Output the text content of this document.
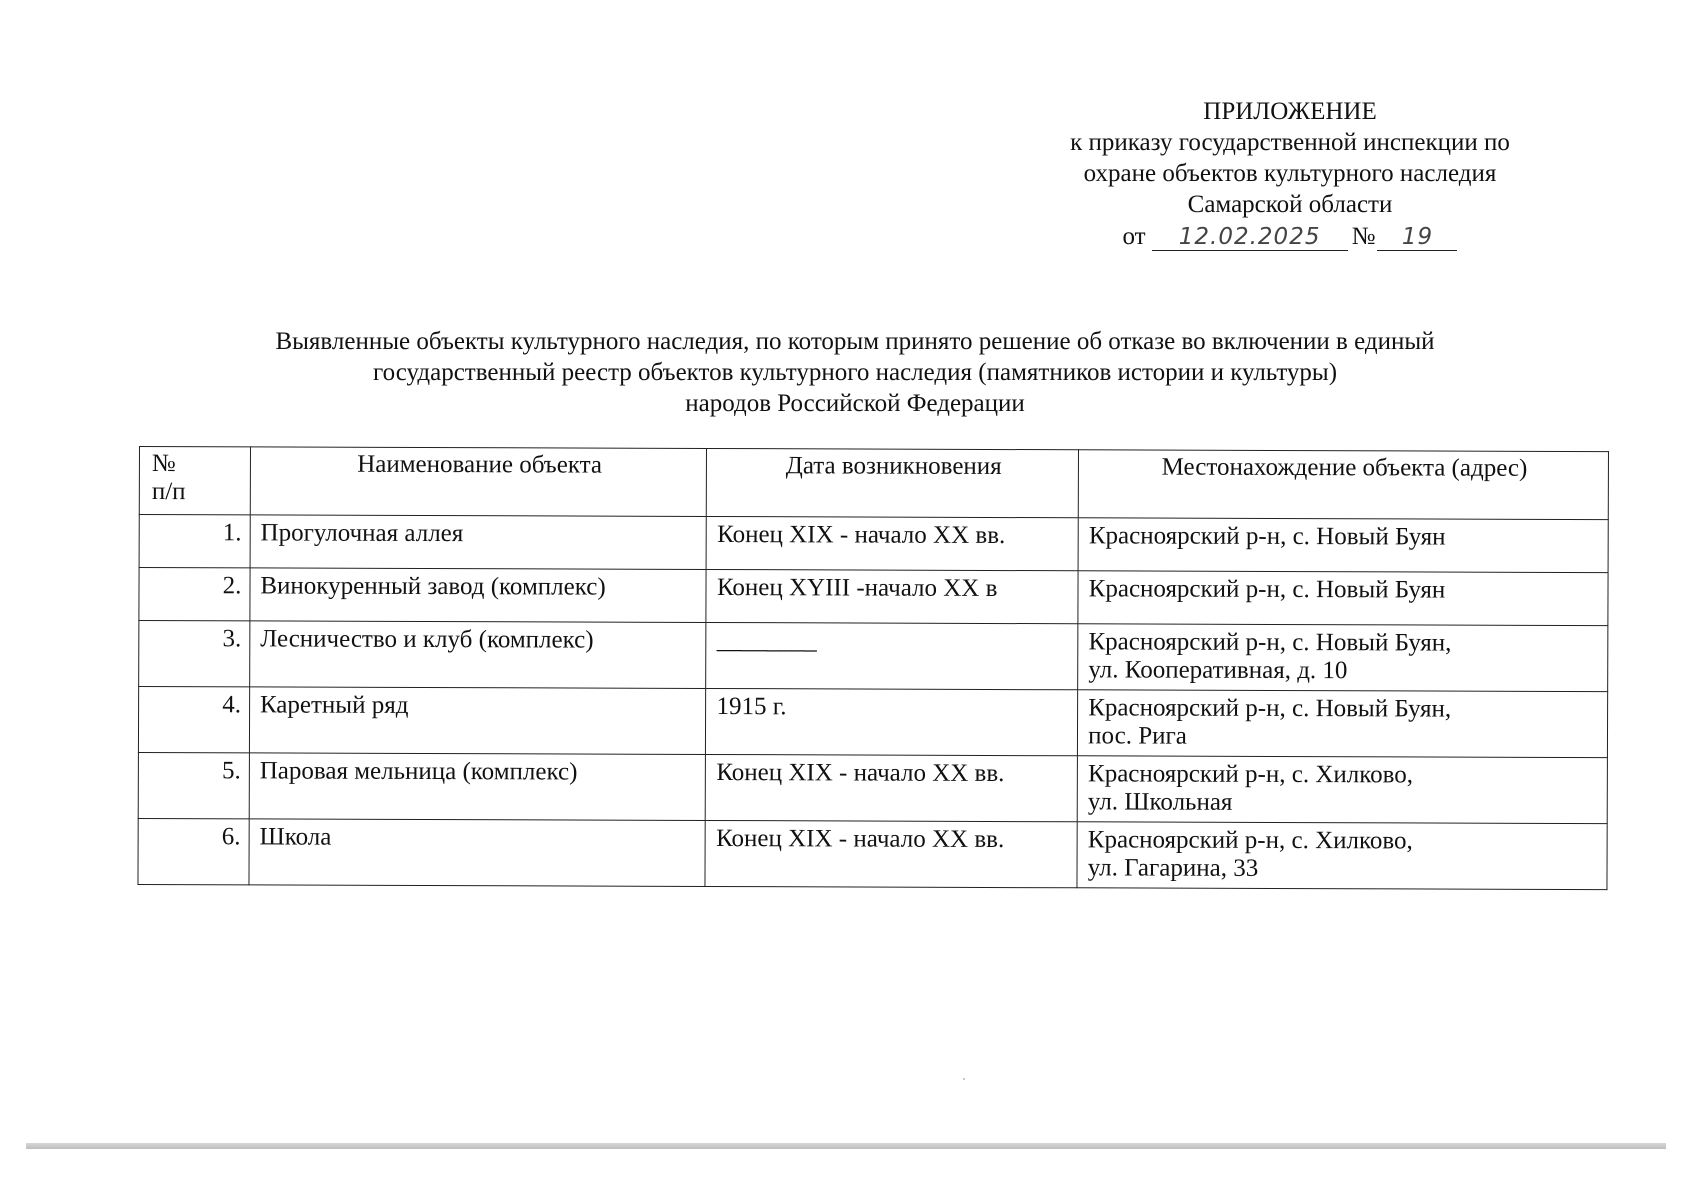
ПРИЛОЖЕНИЕ
к приказу государственной инспекции по
охране объектов культурного наследия
Самарской области
от 12.02.2025 № 19
Выявленные объекты культурного наследия, по которым принято решение об отказе во включении в единый
государственный реестр объектов культурного наследия (памятников истории и культуры)
народов Российской Федерации
№
п/п	Наименование объекта	Дата возникновения	Местонахождение объекта (адрес)
1.	Прогулочная аллея	Конец XIX - начало XX вв.	Красноярский р-н, с. Новый Буян

2.	Винокуренный завод (комплекс)	Конец XYIII -начало XX в	Красноярский р-н, с. Новый Буян

3.	Лесничество и клуб (комплекс)	________	Красноярский р-н, с. Новый Буян,
ул. Кооперативная, д. 10

4.	Каретный ряд	1915 г.	Красноярский р-н, с. Новый Буян,
пос. Рига

5.	Паровая мельница (комплекс)	Конец XIX - начало XX вв.	Красноярский р-н, с. Хилково,
ул. Школьная

6.	Школа	Конец XIX - начало XX вв.	Красноярский р-н, с. Хилково,
ул. Гагарина, 33
